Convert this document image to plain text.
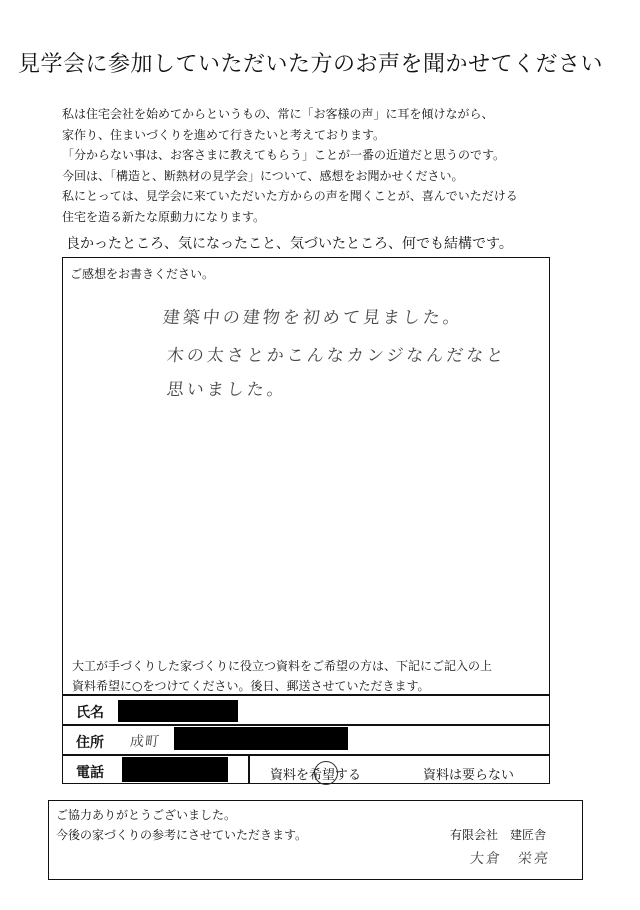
見学会に参加していただいた方のお声を聞かせてください
私は住宅会社を始めてからというもの、常に「お客様の声」に耳を傾けながら、
家作り、住まいづくりを進めて行きたいと考えております。
「分からない事は、お客さまに教えてもらう」ことが一番の近道だと思うのです。
今回は、「構造と、断熱材の見学会」について、感想をお聞かせください。
私にとっては、見学会に来ていただいた方からの声を聞くことが、喜んでいただける
住宅を造る新たな原動力になります。
良かったところ、気になったこと、気づいたところ、何でも結構です。
ご感想をお書きください。
建築中の建物を初めて見ました。
木の太さとかこんなカンジなんだなと
思いました。
大工が手づくりした家づくりに役立つ資料をご希望の方は、下記にご記入の上
資料希望に○をつけてください。後日、郵送させていただきます。
氏名
住所 成町
電話	資料を希望する	資料は要らない
ご協力ありがとうございました。
今後の家づくりの参考にさせていただきます。	有限会社　建匠舎
大倉　栄亮
